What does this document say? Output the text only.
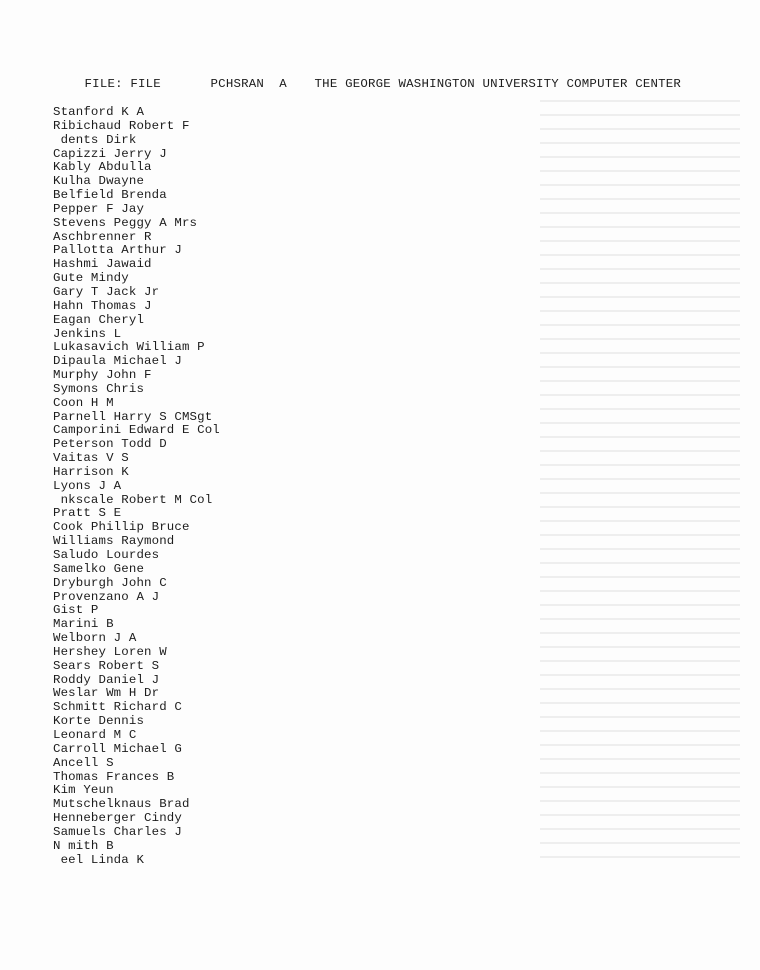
FILE: FILE	PCHSRAN  A THE GEORGE WASHINGTON UNIVERSITY COMPUTER CENTER

Stanford K A
Ribichaud Robert F
dents Dirk
Capizzi Jerry J
Kably Abdulla
Kulha Dwayne
Belfield Brenda
Pepper F Jay
Stevens Peggy A Mrs
Aschbrenner R
Pallotta Arthur J
Hashmi Jawaid
Gute Mindy
Gary T Jack Jr
Hahn Thomas J
Eagan Cheryl
Jenkins L
Lukasavich William P
Dipaula Michael J
Murphy John F
Symons Chris
Coon H M
Parnell Harry S CMSgt
Camporini Edward E Col
Peterson Todd D
Vaitas V S
Harrison K
Lyons J A
nkscale Robert M Col
Pratt S E
Cook Phillip Bruce
Williams Raymond
Saludo Lourdes
Samelko Gene
Dryburgh John C
Provenzano A J
Gist P
Marini B
Welborn J A
Hershey Loren W
Sears Robert S
Roddy Daniel J
Weslar Wm H Dr
Schmitt Richard C
Korte Dennis
Leonard M C
Carroll Michael G
Ancell S
Thomas Frances B
Kim Yeun
Mutschelknaus Brad
Henneberger Cindy
Samuels Charles J
N mith B
eel Linda K
